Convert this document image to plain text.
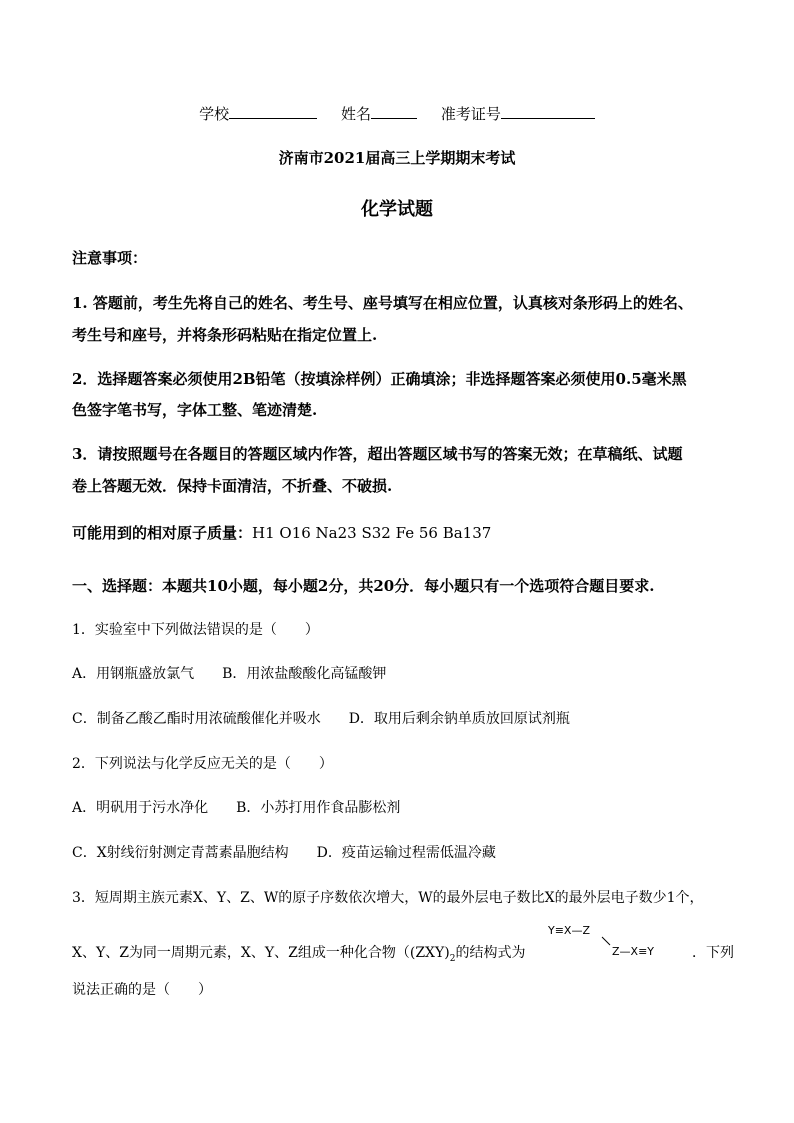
学校	姓名	准考证号
济南市2021届高三上学期期末考试
化学试题
注意事项：
1. 答题前，考生先将自己的姓名、考生号、座号填写在相应位置，认真核对条形码上的姓名、
考生号和座号，并将条形码粘贴在指定位置上.
2．选择题答案必须使用2B铅笔（按填涂样例）正确填涂；非选择题答案必须使用0.5毫米黑
色签字笔书写，字体工整、笔迹清楚.
3．请按照题号在各题目的答题区域内作答，超出答题区域书写的答案无效；在草稿纸、试题
卷上答题无效．保持卡面清洁，不折叠、不破损.
可能用到的相对原子质量：H1 O16 Na23 S32 Fe 56 Ba137
一、选择题：本题共10小题，每小题2分，共20分．每小题只有一个选项符合题目要求.
1．实验室中下列做法错误的是（　　）
A．用钢瓶盛放氯气　　B．用浓盐酸酸化高锰酸钾
C．制备乙酸乙酯时用浓硫酸催化并吸水　　D．取用后剩余钠单质放回原试剂瓶
2．下列说法与化学反应无关的是（　　）
A．明矾用于污水净化　　B．小苏打用作食品膨松剂
C．X射线衍射测定青蒿素晶胞结构　　D．疫苗运输过程需低温冷藏
3．短周期主族元素X、Y、Z、W的原子序数依次增大，W的最外层电子数比X的最外层电子数少1个，
X、Y、Z为同一周期元素，X、Y、Z组成一种化合物（$(ZXY)_2$的结构式为	．下列
Y≡X—Z
Z—X≡Y
说法正确的是（　　）
